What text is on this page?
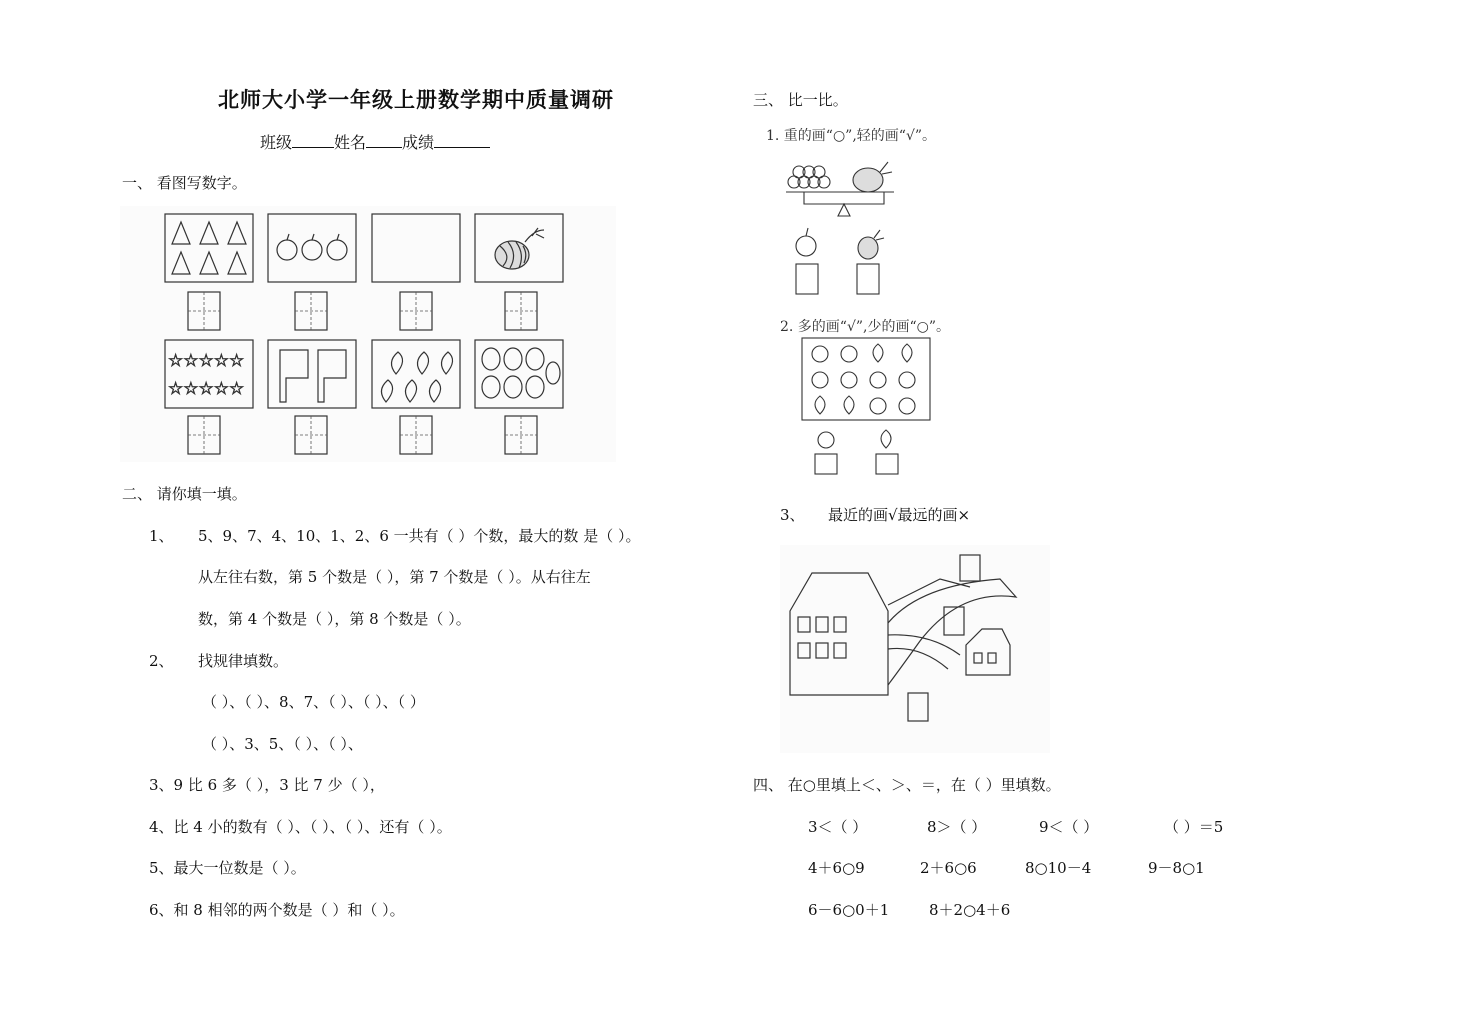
北师大小学一年级上册数学期中质量调研
班级	姓名 成绩
一、 看图写数字。
☆☆☆☆☆
☆☆☆☆☆
二、 请你填一填。
1、 5、9、7、4、10、1、2、6 一共有（ ）个数，最大的数 是（ ）。
从左往右数，第 5 个数是（ ），第 7 个数是（ ）。从右往左
数，第 4 个数是（ ），第 8 个数是（ ）。
2、 找规律填数。
（ ）、（ ）、8、7、（ ）、（ ）、（ ）
（ ）、3、5、（ ）、（ ）、
3、9 比 6 多（ ），3 比 7 少（ ），
4、比 4 小的数有（ ）、（ ）、（ ）、还有（ ）。
5、最大一位数是（ ）。
6、和 8 相邻的两个数是（ ）和（ ）。
三、 比一比。
1. 重的画“○”,轻的画“√”。
2. 多的画“√”,少的画“○”。
3、 最近的画√最远的画×
四、 在○里填上＜、＞、＝，在（ ）里填数。
3＜（ ）	8＞（ ）	9＜（ ）	（ ）＝5
4＋6○9	2＋6○6	8○10－4	9－8○1
6－6○0＋1	8＋2○4＋6
